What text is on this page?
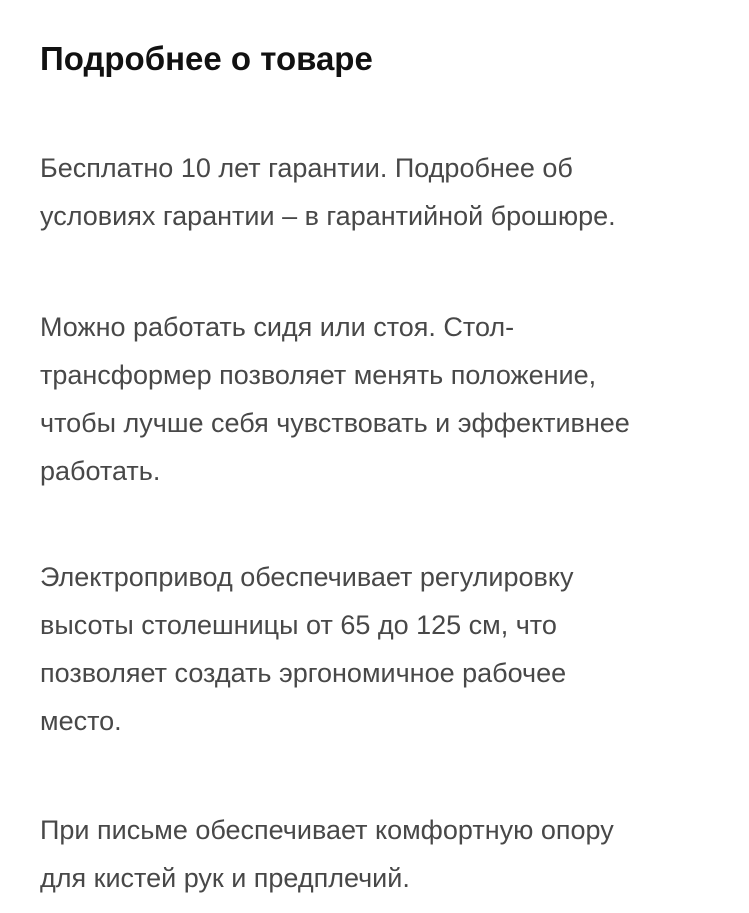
Подробнее о товаре

Бесплатно 10 лет гарантии. Подробнее об
условиях гарантии – в гарантийной брошюре.

Можно работать сидя или стоя. Стол-
трансформер позволяет менять положение,
чтобы лучше себя чувствовать и эффективнее
работать.

Электропривод обеспечивает регулировку
высоты столешницы от 65 до 125 см, что
позволяет создать эргономичное рабочее
место.

При письме обеспечивает комфортную опору
для кистей рук и предплечий.
